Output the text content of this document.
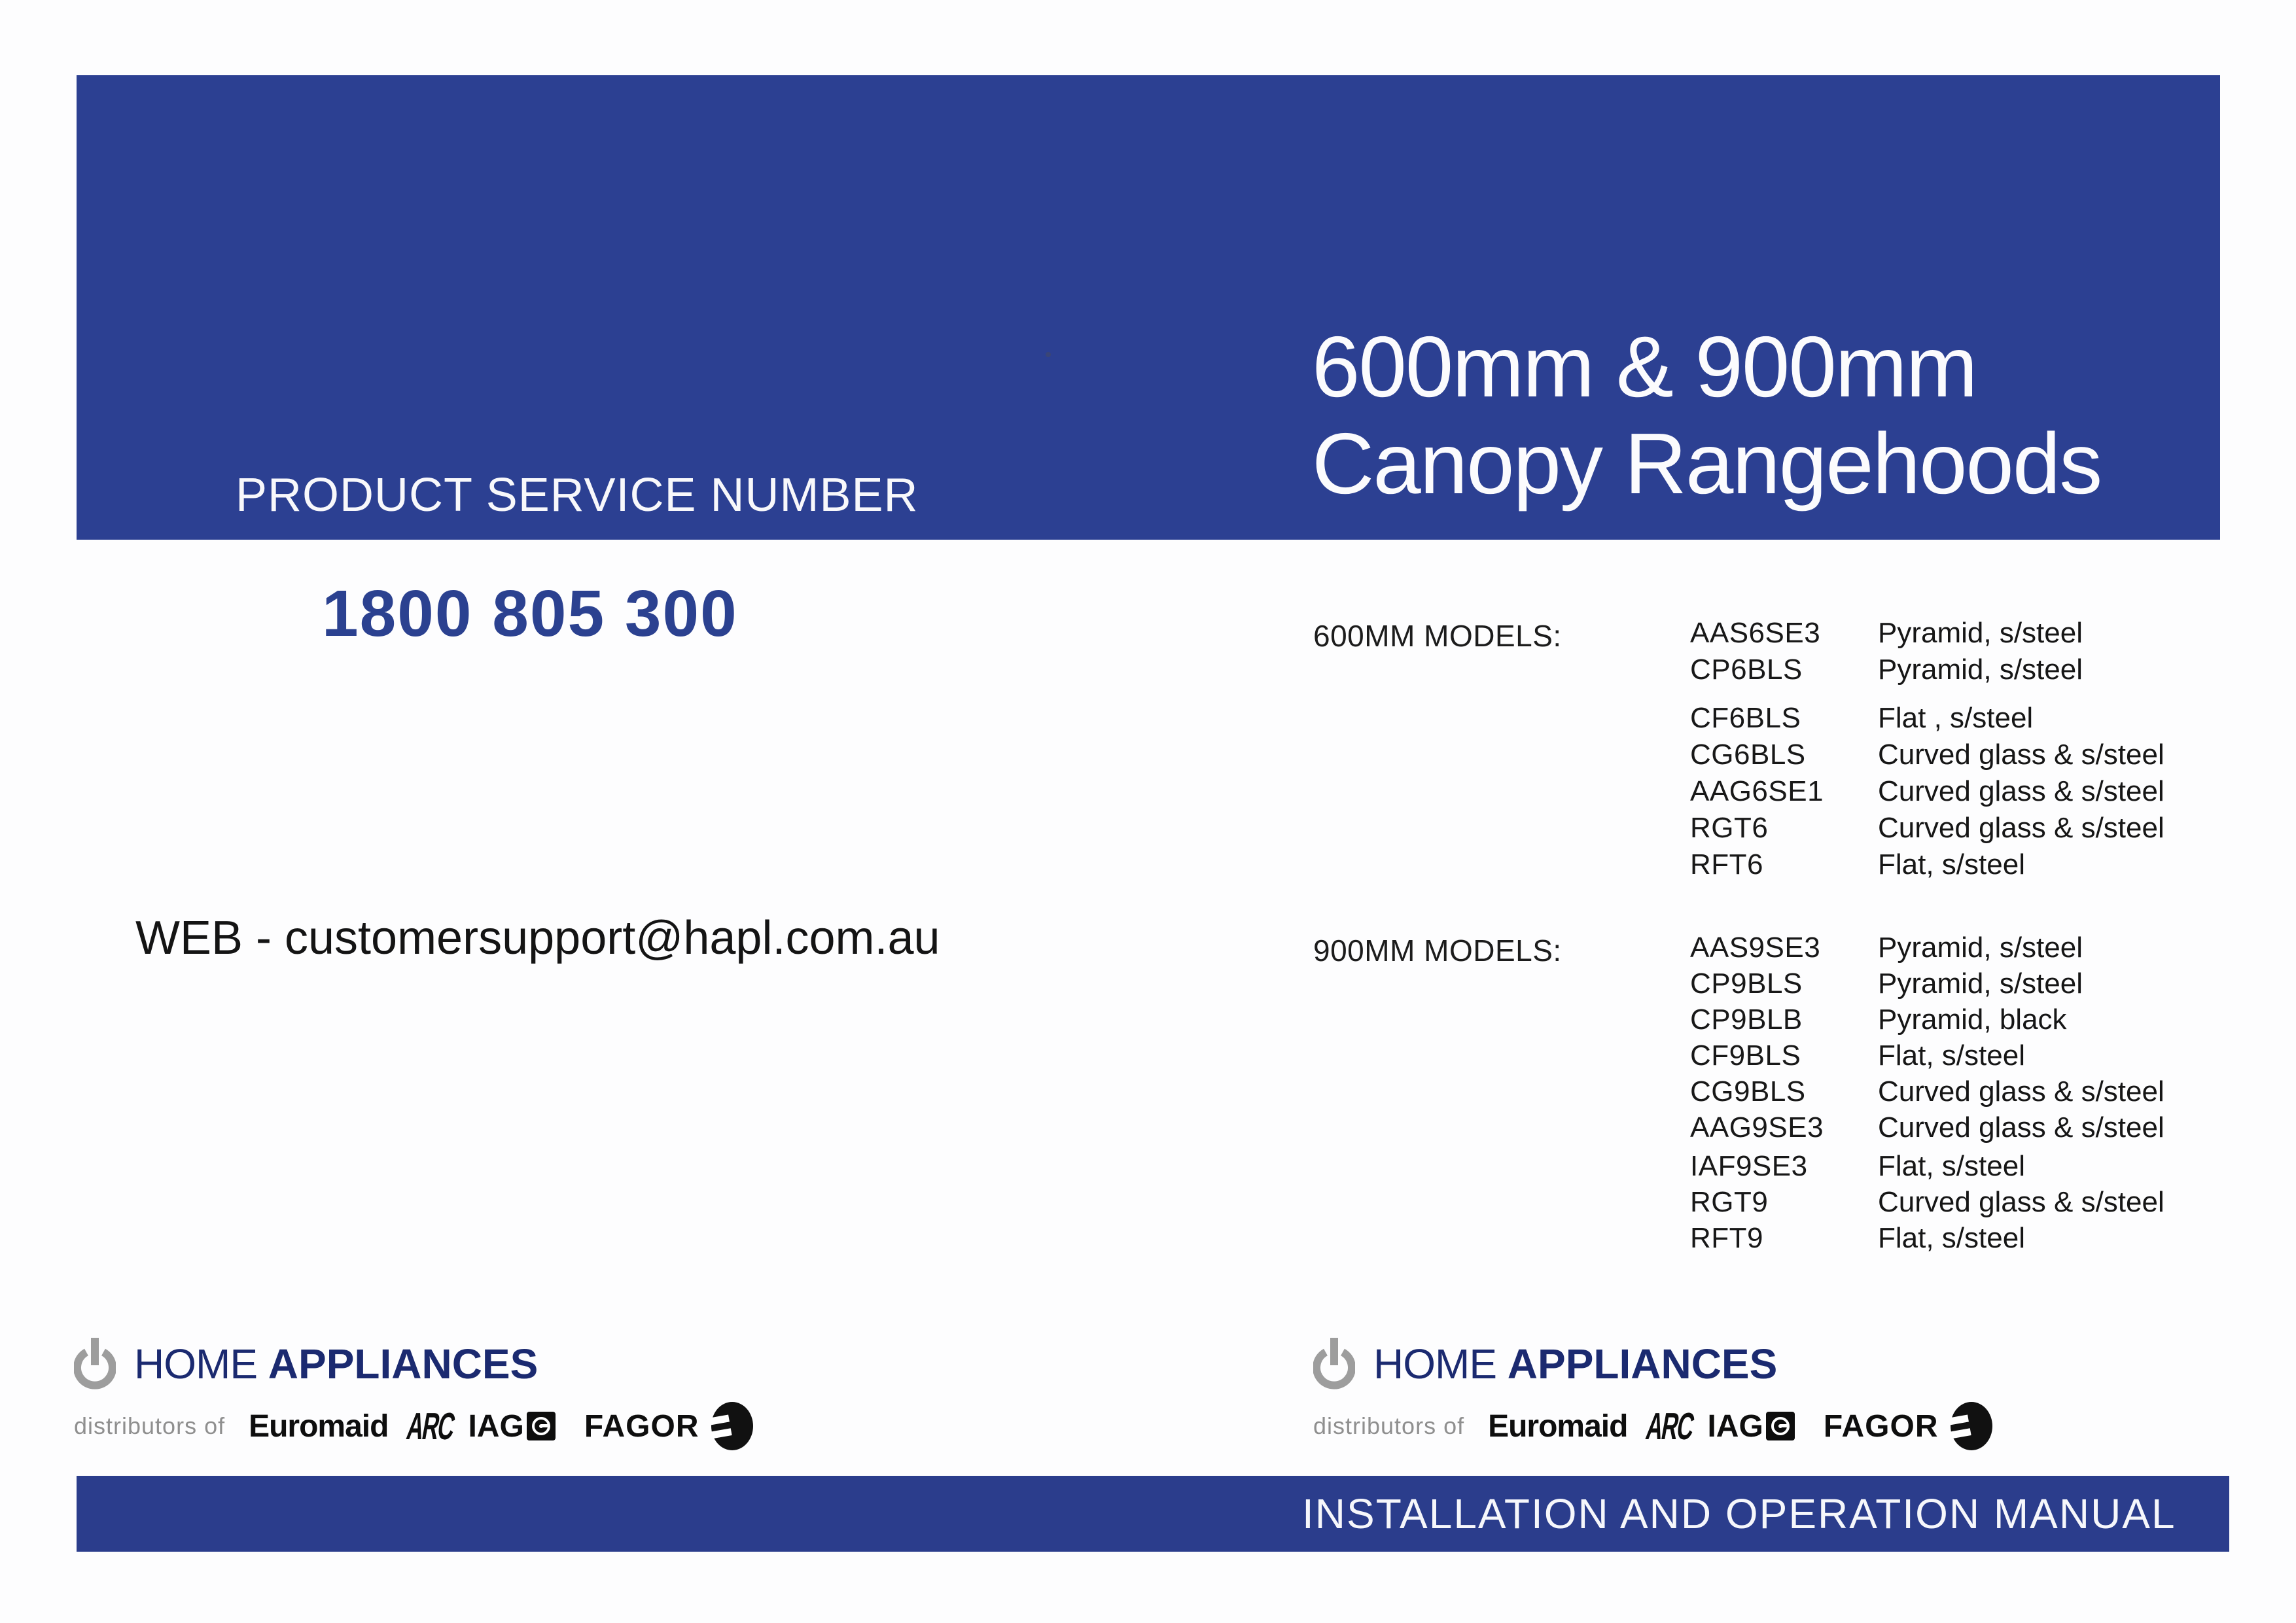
PRODUCT SERVICE NUMBER
600mm & 900mm
Canopy Rangehoods
1800 805 300
WEB - customersupport@hapl.com.au
600MM MODELS:	AAS6SE3	Pyramid, s/steel
CP6BLS	Pyramid, s/steel
CF6BLS	Flat , s/steel
CG6BLS	Curved glass & s/steel
AAG6SE1	Curved glass & s/steel
RGT6	Curved glass & s/steel
RFT6	Flat, s/steel
900MM MODELS:	AAS9SE3	Pyramid, s/steel
CP9BLS	Pyramid, s/steel
CP9BLB	Pyramid, black
CF9BLS	Flat, s/steel
CG9BLS	Curved glass & s/steel
AAG9SE3	Curved glass & s/steel
IAF9SE3	Flat, s/steel
RGT9	Curved glass & s/steel
RFT9	Flat, s/steel
HOME APPLIANCES
distributors of Euromaid ARC IAG FAGOR
HOME APPLIANCES
distributors of Euromaid ARC IAG FAGOR
INSTALLATION AND OPERATION MANUAL
